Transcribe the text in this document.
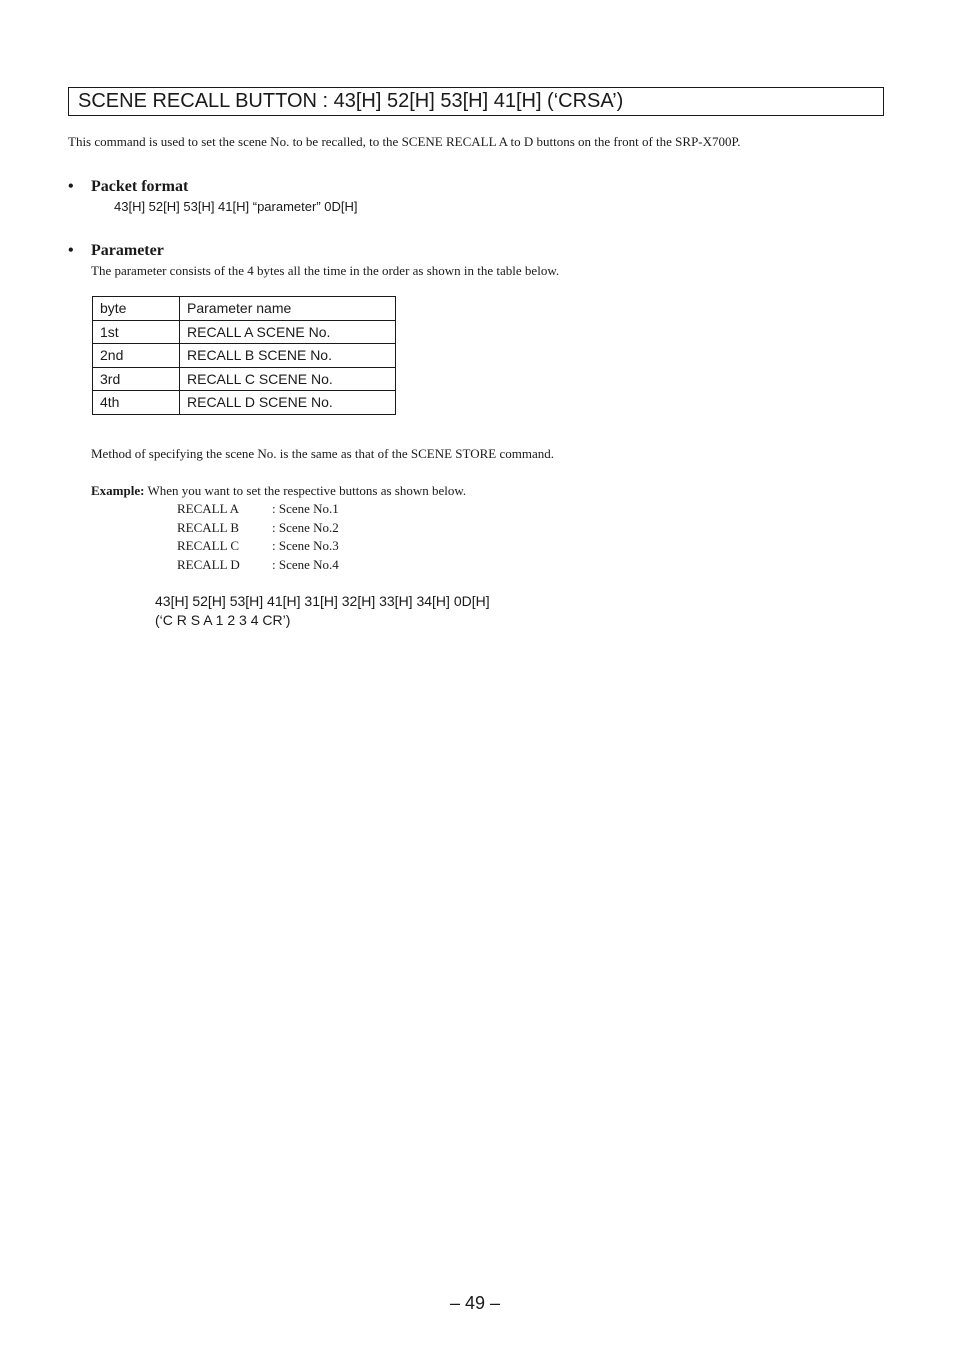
SCENE RECALL BUTTON : 43[H] 52[H] 53[H] 41[H] (‘CRSA’)
This command is used to set the scene No. to be recalled, to the SCENE RECALL A to D buttons on the front of the SRP-X700P.
• Packet format
43[H] 52[H] 53[H] 41[H] “parameter” 0D[H]
• Parameter
The parameter consists of the 4 bytes all the time in the order as shown in the table below.
byte	Parameter name
1st	RECALL A SCENE No.
2nd	RECALL B SCENE No.
3rd	RECALL C SCENE No.
4th	RECALL D SCENE No.
Method of specifying the scene No. is the same as that of the SCENE STORE command.
Example: When you want to set the respective buttons as shown below.
RECALL A	: Scene No.1
RECALL B	: Scene No.2
RECALL C	: Scene No.3
RECALL D : Scene No.4
43[H] 52[H] 53[H] 41[H] 31[H] 32[H] 33[H] 34[H] 0D[H]
(‘C R S A 1 2 3 4 CR’)
– 49 –
